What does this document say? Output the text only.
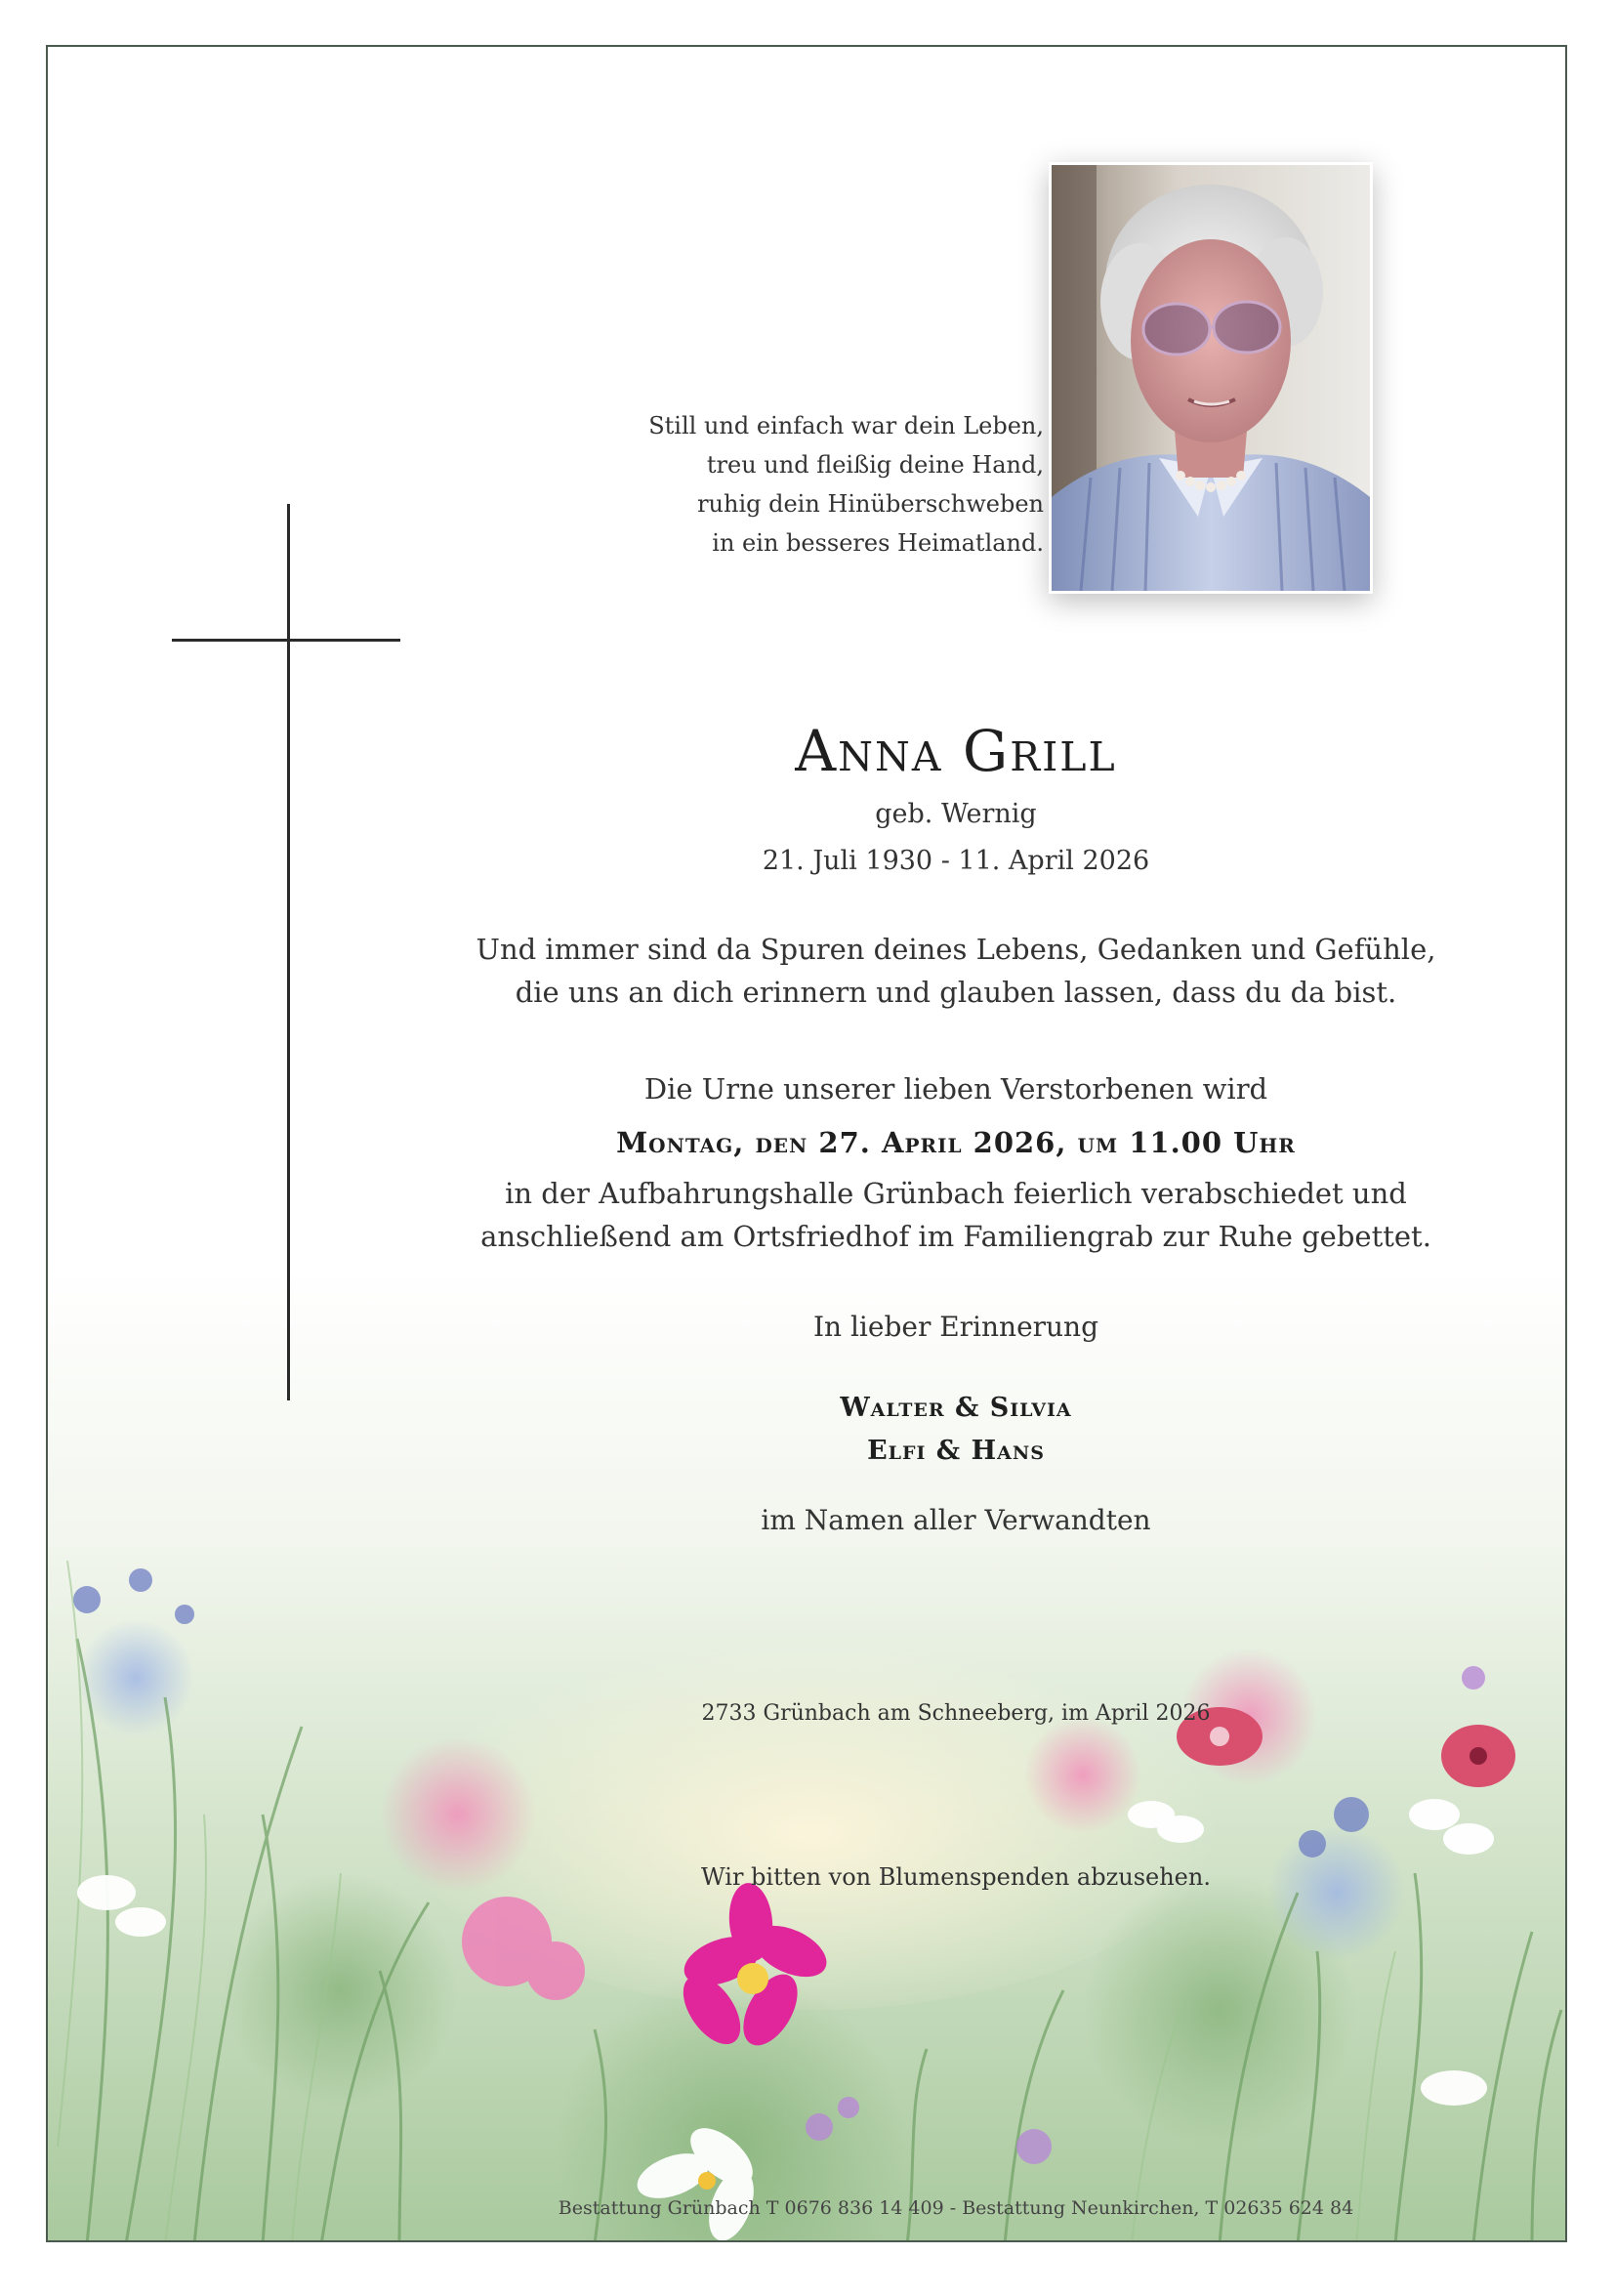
Still und einfach war dein Leben,
treu und fleißig deine Hand,
ruhig dein Hinüberschweben
in ein besseres Heimatland.
Anna Grill
geb. Wernig
21. Juli 1930 - 11. April 2026
Und immer sind da Spuren deines Lebens, Gedanken und Gefühle,
die uns an dich erinnern und glauben lassen, dass du da bist.
Die Urne unserer lieben Verstorbenen wird
Montag, den 27. April 2026, um 11.00 Uhr
in der Aufbahrungshalle Grünbach feierlich verabschiedet und
anschließend am Ortsfriedhof im Familiengrab zur Ruhe gebettet.
In lieber Erinnerung
Walter & Silvia
Elfi & Hans
im Namen aller Verwandten
2733 Grünbach am Schneeberg, im April 2026
Wir bitten von Blumenspenden abzusehen.
Bestattung Grünbach T 0676 836 14 409 - Bestattung Neunkirchen, T 02635 624 84
